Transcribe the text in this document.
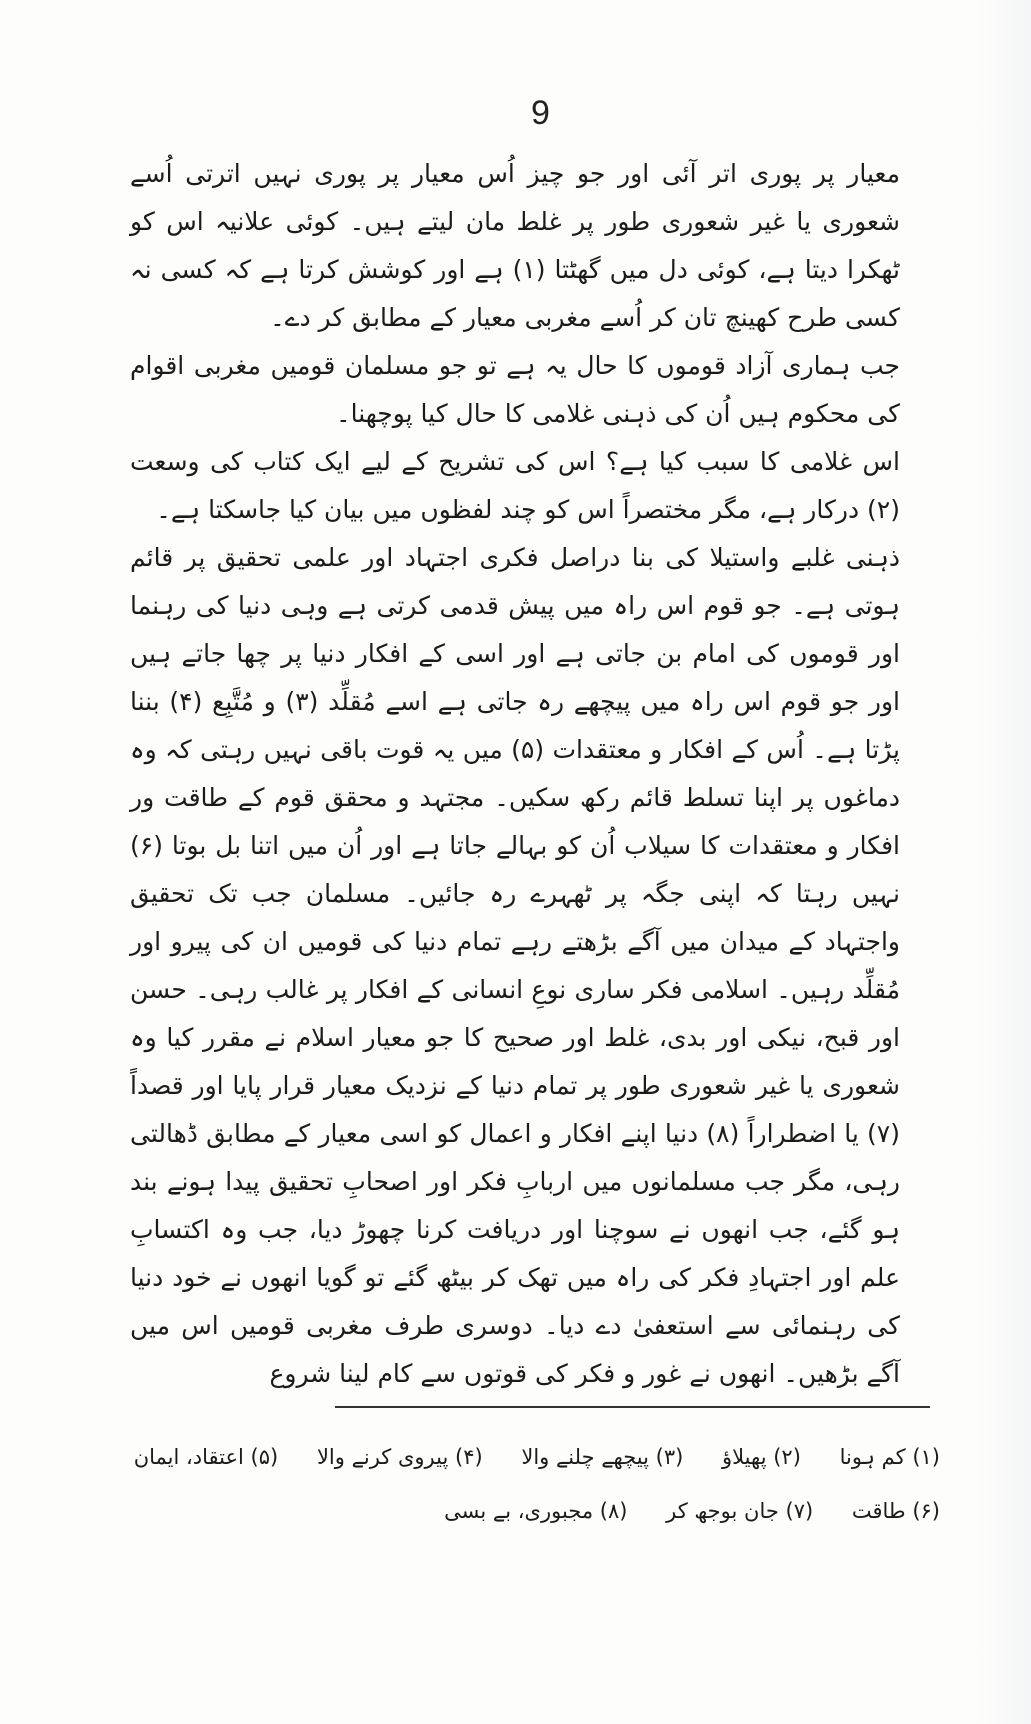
9

معیار پر پوری اتر آئی اور جو چیز اُس معیار پر پوری نہیں اترتی اُسے شعوری یا غیر شعوری طور پر غلط مان لیتے ہیں۔ کوئی علانیہ اس کو ٹھکرا دیتا ہے، کوئی دل میں گھٹتا (۱) ہے اور کوشش کرتا ہے کہ کسی نہ کسی طرح کھینچ تان کر اُسے مغربی معیار کے مطابق کر دے۔

جب ہماری آزاد قوموں کا حال یہ ہے تو جو مسلمان قومیں مغربی اقوام کی محکوم ہیں اُن کی ذہنی غلامی کا حال کیا پوچھنا۔

اس غلامی کا سبب کیا ہے؟ اس کی تشریح کے لیے ایک کتاب کی وسعت (۲) درکار ہے، مگر مختصراً اس کو چند لفظوں میں بیان کیا جاسکتا ہے۔

ذہنی غلبے واستیلا کی بنا دراصل فکری اجتہاد اور علمی تحقیق پر قائم ہوتی ہے۔ جو قوم اس راہ میں پیش قدمی کرتی ہے وہی دنیا کی رہنما اور قوموں کی امام بن جاتی ہے اور اسی کے افکار دنیا پر چھا جاتے ہیں اور جو قوم اس راہ میں پیچھے رہ جاتی ہے اسے مُقلِّد (۳) و مُتَّبِع (۴) بننا پڑتا ہے۔ اُس کے افکار و معتقدات (۵) میں یہ قوت باقی نہیں رہتی کہ وہ دماغوں پر اپنا تسلط قائم رکھ سکیں۔ مجتہد و محقق قوم کے طاقت ور افکار و معتقدات کا سیلاب اُن کو بہالے جاتا ہے اور اُن میں اتنا بل بوتا (۶) نہیں رہتا کہ اپنی جگہ پر ٹھہرے رہ جائیں۔ مسلمان جب تک تحقیق واجتہاد کے میدان میں آگے بڑھتے رہے تمام دنیا کی قومیں ان کی پیرو اور مُقلِّد رہیں۔ اسلامی فکر ساری نوعِ انسانی کے افکار پر غالب رہی۔ حسن اور قبح، نیکی اور بدی، غلط اور صحیح کا جو معیار اسلام نے مقرر کیا وہ شعوری یا غیر شعوری طور پر تمام دنیا کے نزدیک معیار قرار پایا اور قصداً (۷) یا اضطراراً (۸) دنیا اپنے افکار و اعمال کو اسی معیار کے مطابق ڈھالتی رہی، مگر جب مسلمانوں میں اربابِ فکر اور اصحابِ تحقیق پیدا ہونے بند ہو گئے، جب انھوں نے سوچنا اور دریافت کرنا چھوڑ دیا، جب وہ اکتسابِ علم اور اجتہادِ فکر کی راہ میں تھک کر بیٹھ گئے تو گویا انھوں نے خود دنیا کی رہنمائی سے استعفیٰ دے دیا۔ دوسری طرف مغربی قومیں اس میں آگے بڑھیں۔ انھوں نے غور و فکر کی قوتوں سے کام لینا شروع

(۱) کم ہونا (۲) پھیلاؤ (۳) پیچھے چلنے والا (۴) پیروی کرنے والا (۵) اعتقاد، ایمان
(۶) طاقت (۷) جان بوجھ کر (۸) مجبوری، بے بسی
